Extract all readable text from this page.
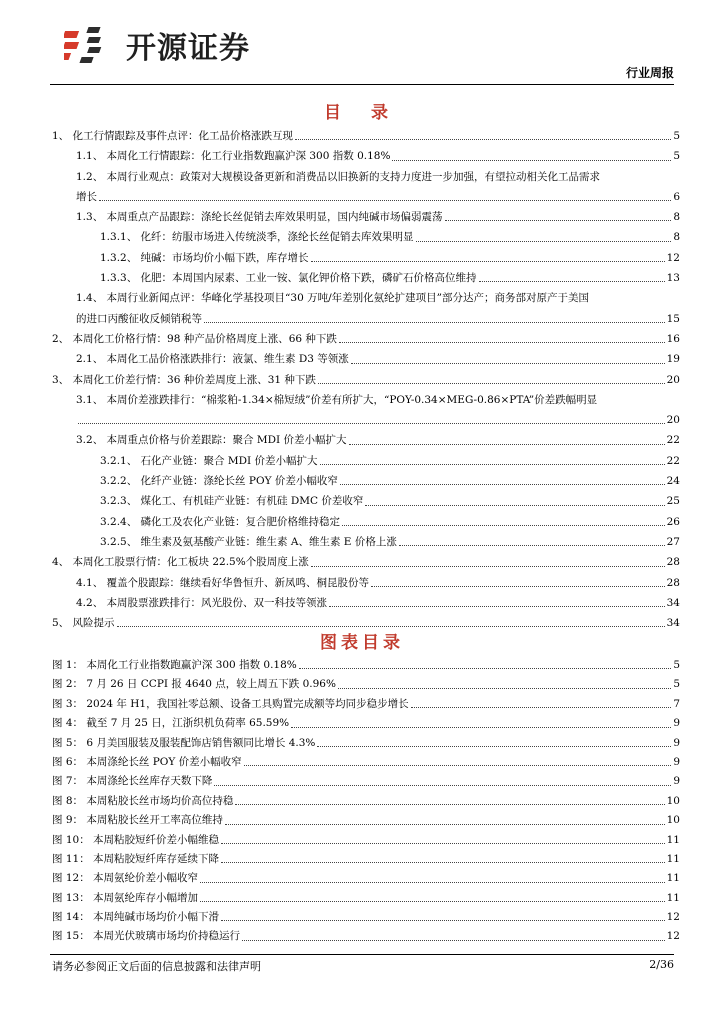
开源证券
行业周报
目 录
1、 化工行情跟踪及事件点评：化工品价格涨跌互现	5
1.1、 本周化工行情跟踪：化工行业指数跑赢沪深 300 指数 0.18%	5
1.2、 本周行业观点：政策对大规模设备更新和消费品以旧换新的支持力度进一步加强，有望拉动相关化工品需求
增长	6
1.3、 本周重点产品跟踪：涤纶长丝促销去库效果明显，国内纯碱市场偏弱震荡	8
1.3.1、 化纤：纺服市场进入传统淡季，涤纶长丝促销去库效果明显	8
1.3.2、 纯碱：市场均价小幅下跌，库存增长	12
1.3.3、 化肥：本周国内尿素、工业一铵、氯化钾价格下跌，磷矿石价格高位维持	13
1.4、 本周行业新闻点评：华峰化学基投项目“30 万吨/年差别化氨纶扩建项目”部分达产；商务部对原产于美国
的进口丙酸征收反倾销税等	15
2、 本周化工价格行情：98 种产品价格周度上涨、66 种下跌	16
2.1、 本周化工品价格涨跌排行：液氯、维生素 D3 等领涨	19
3、 本周化工价差行情：36 种价差周度上涨、31 种下跌	20
3.1、 本周价差涨跌排行：“棉浆粕-1.34×棉短绒”价差有所扩大，“POY-0.34×MEG-0.86×PTA”价差跌幅明显
20
3.2、 本周重点价格与价差跟踪：聚合 MDI 价差小幅扩大	22
3.2.1、 石化产业链：聚合 MDI 价差小幅扩大	22
3.2.2、 化纤产业链：涤纶长丝 POY 价差小幅收窄	24
3.2.3、 煤化工、有机硅产业链：有机硅 DMC 价差收窄	25
3.2.4、 磷化工及农化产业链：复合肥价格维持稳定	26
3.2.5、 维生素及氨基酸产业链：维生素 A、维生素 E 价格上涨	27
4、 本周化工股票行情：化工板块 22.5%个股周度上涨	28
4.1、 覆盖个股跟踪：继续看好华鲁恒升、新凤鸣、桐昆股份等	28
4.2、 本周股票涨跌排行：风光股份、双一科技等领涨	34
5、 风险提示	34
图表目录
图 1： 本周化工行业指数跑赢沪深 300 指数 0.18%	5
图 2： 7 月 26 日 CCPI 报 4640 点，较上周五下跌 0.96%	5
图 3： 2024 年 H1，我国社零总额、设备工具购置完成额等均同步稳步增长	7
图 4： 截至 7 月 25 日，江浙织机负荷率 65.59%	9
图 5： 6 月美国服装及服装配饰店销售额同比增长 4.3%	9
图 6： 本周涤纶长丝 POY 价差小幅收窄	9
图 7： 本周涤纶长丝库存天数下降	9
图 8： 本周粘胶长丝市场均价高位持稳	10
图 9： 本周粘胶长丝开工率高位维持	10
图 10： 本周粘胶短纤价差小幅维稳	11
图 11： 本周粘胶短纤库存延续下降	11
图 12： 本周氨纶价差小幅收窄	11
图 13： 本周氨纶库存小幅增加	11
图 14： 本周纯碱市场均价小幅下滑	12
图 15： 本周光伏玻璃市场均价持稳运行	12
请务必参阅正文后面的信息披露和法律声明	2/36
